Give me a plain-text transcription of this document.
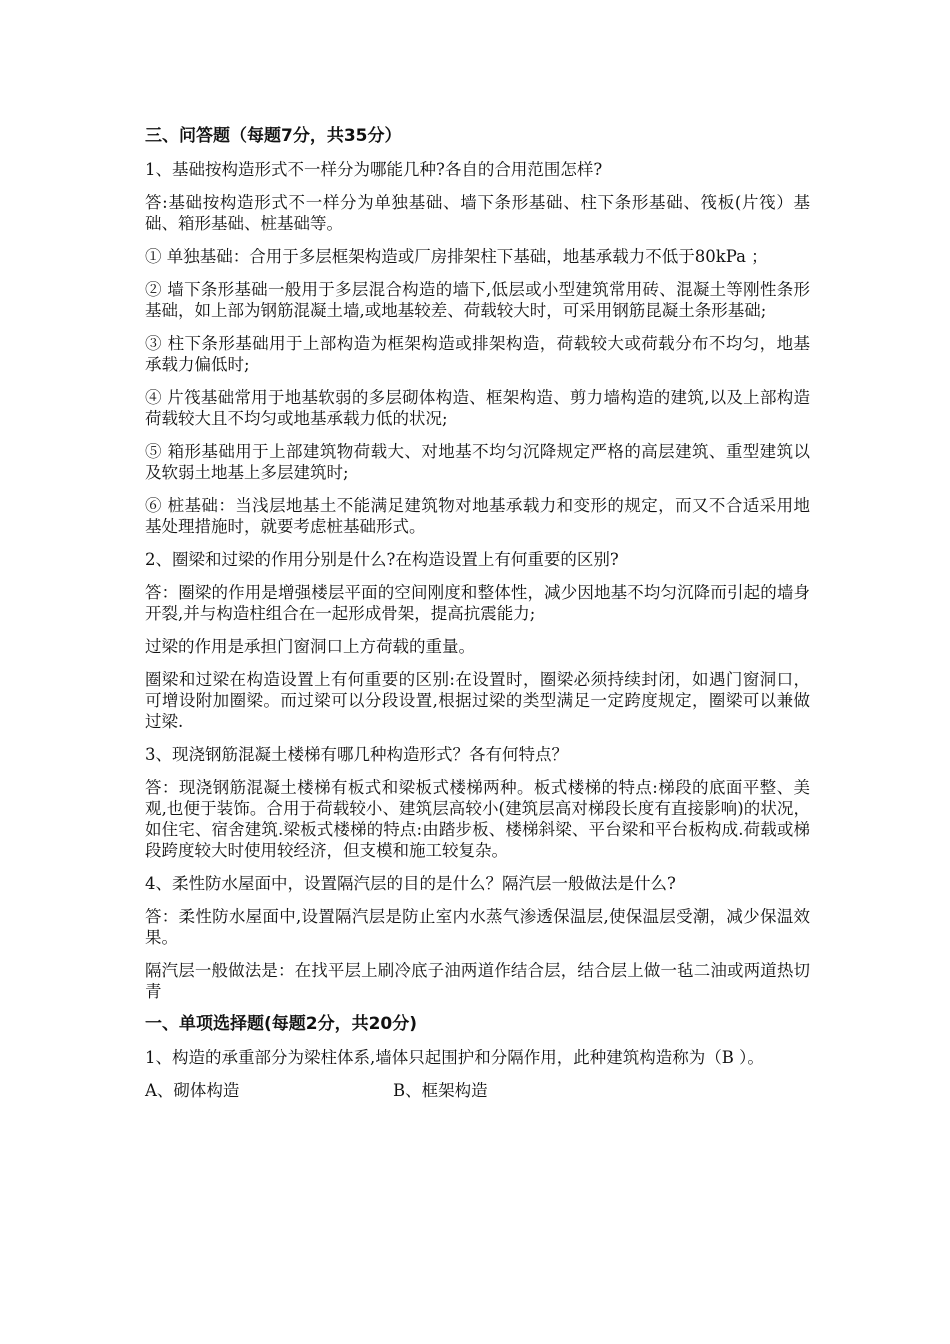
三、问答题（每题7分，共35分）
1、基础按构造形式不一样分为哪能几种?各自的合用范围怎样?
答:基础按构造形式不一样分为单独基础、墙下条形基础、柱下条形基础、筏板(片筏）基础、箱形基础、桩基础等。
① 单独基础：合用于多层框架构造或厂房排架柱下基础，地基承载力不低于80kPa ；
② 墙下条形基础一般用于多层混合构造的墙下,低层或小型建筑常用砖、混凝土等刚性条形基础，如上部为钢筋混凝土墙,或地基较差、荷载较大时，可采用钢筋昆凝土条形基础;
③ 柱下条形基础用于上部构造为框架构造或排架构造，荷载较大或荷载分布不均匀，地基承载力偏低时;
④ 片筏基础常用于地基软弱的多层砌体构造、框架构造、剪力墙构造的建筑,以及上部构造荷载较大且不均匀或地基承载力低的状况;
⑤ 箱形基础用于上部建筑物荷载大、对地基不均匀沉降规定严格的高层建筑、重型建筑以及软弱土地基上多层建筑时;
⑥ 桩基础：当浅层地基土不能满足建筑物对地基承载力和变形的规定，而又不合适采用地基处理措施时，就要考虑桩基础形式。
2、圈梁和过梁的作用分别是什么?在构造设置上有何重要的区别?
答：圈梁的作用是增强楼层平面的空间刚度和整体性，减少因地基不均匀沉降而引起的墙身开裂,并与构造柱组合在一起形成骨架，提高抗震能力;
过梁的作用是承担门窗洞口上方荷载的重量。
圈梁和过梁在构造设置上有何重要的区别:在设置时，圈梁必须持续封闭，如遇门窗洞口，可增设附加圈梁。而过梁可以分段设置,根据过梁的类型满足一定跨度规定，圈梁可以兼做过梁.
3、现浇钢筋混凝土楼梯有哪几种构造形式？各有何特点？
答：现浇钢筋混凝土楼梯有板式和梁板式楼梯两种。板式楼梯的特点:梯段的底面平整、美观,也便于装饰。合用于荷载较小、建筑层高较小(建筑层高对梯段长度有直接影响)的状况，如住宅、宿舍建筑.梁板式楼梯的特点:由踏步板、楼梯斜梁、平台梁和平台板构成.荷载或梯段跨度较大时使用较经济，但支模和施工较复杂。
4、柔性防水屋面中，设置隔汽层的目的是什么？隔汽层一般做法是什么?
答：柔性防水屋面中,设置隔汽层是防止室内水蒸气渗透保温层,使保温层受潮，减少保温效果。
隔汽层一般做法是：在找平层上刷冷底子油两道作结合层，结合层上做一毡二油或两道热切青
一、单项选择题(每题2分，共20分)
1、构造的承重部分为梁柱体系,墙体只起围护和分隔作用，此种建筑构造称为（B ）。
A、砌体构造	B、框架构造
